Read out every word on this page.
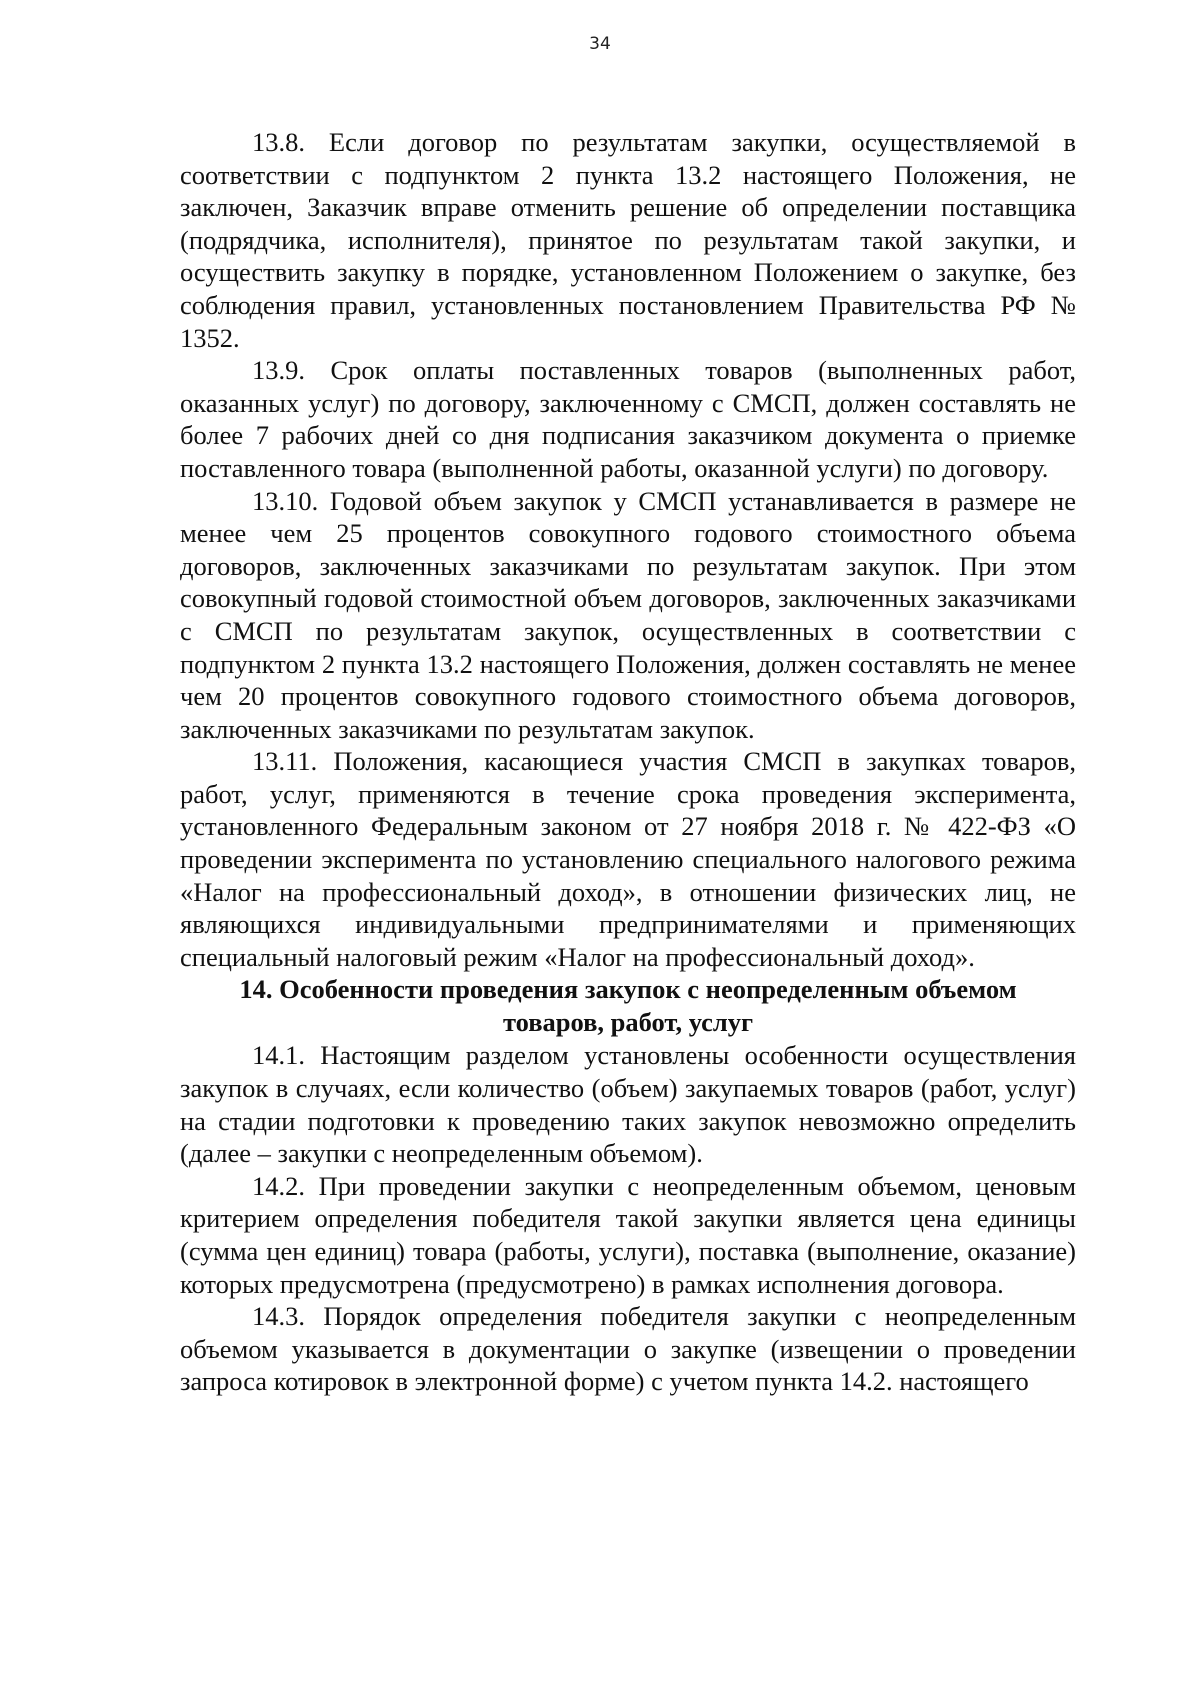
34

13.8. Если договор по результатам закупки, осуществляемой в соответствии с подпунктом 2 пункта 13.2 настоящего Положения, не заключен, Заказчик вправе отменить решение об определении поставщика (подрядчика, исполнителя), принятое по результатам такой закупки, и осуществить закупку в порядке, установленном Положением о закупке, без соблюдения правил, установленных постановлением Правительства РФ № 1352.

13.9. Срок оплаты поставленных товаров (выполненных работ, оказанных услуг) по договору, заключенному с СМСП, должен составлять не более 7 рабочих дней со дня подписания заказчиком документа о приемке поставленного товара (выполненной работы, оказанной услуги) по договору.

13.10. Годовой объем закупок у СМСП устанавливается в размере не менее чем 25 процентов совокупного годового стоимостного объема договоров, заключенных заказчиками по результатам закупок. При этом совокупный годовой стоимостной объем договоров, заключенных заказчиками с СМСП по результатам закупок, осуществленных в соответствии с подпунктом 2 пункта 13.2 настоящего Положения, должен составлять не менее чем 20 процентов совокупного годового стоимостного объема договоров, заключенных заказчиками по результатам закупок.

13.11. Положения, касающиеся участия СМСП в закупках товаров, работ, услуг, применяются в течение срока проведения эксперимента, установленного Федеральным законом от 27 ноября 2018 г. № 422-ФЗ «О проведении эксперимента по установлению специального налогового режима «Налог на профессиональный доход», в отношении физических лиц, не являющихся индивидуальными предпринимателями и применяющих специальный налоговый режим «Налог на профессиональный доход».

14. Особенности проведения закупок с неопределенным объемом товаров, работ, услуг

14.1. Настоящим разделом установлены особенности осуществления закупок в случаях, если количество (объем) закупаемых товаров (работ, услуг) на стадии подготовки к проведению таких закупок невозможно определить (далее – закупки с неопределенным объемом).

14.2. При проведении закупки с неопределенным объемом, ценовым критерием определения победителя такой закупки является цена единицы (сумма цен единиц) товара (работы, услуги), поставка (выполнение, оказание) которых предусмотрена (предусмотрено) в рамках исполнения договора.

14.3. Порядок определения победителя закупки с неопределенным объемом указывается в документации о закупке (извещении о проведении запроса котировок в электронной форме) с учетом пункта 14.2. настоящего
